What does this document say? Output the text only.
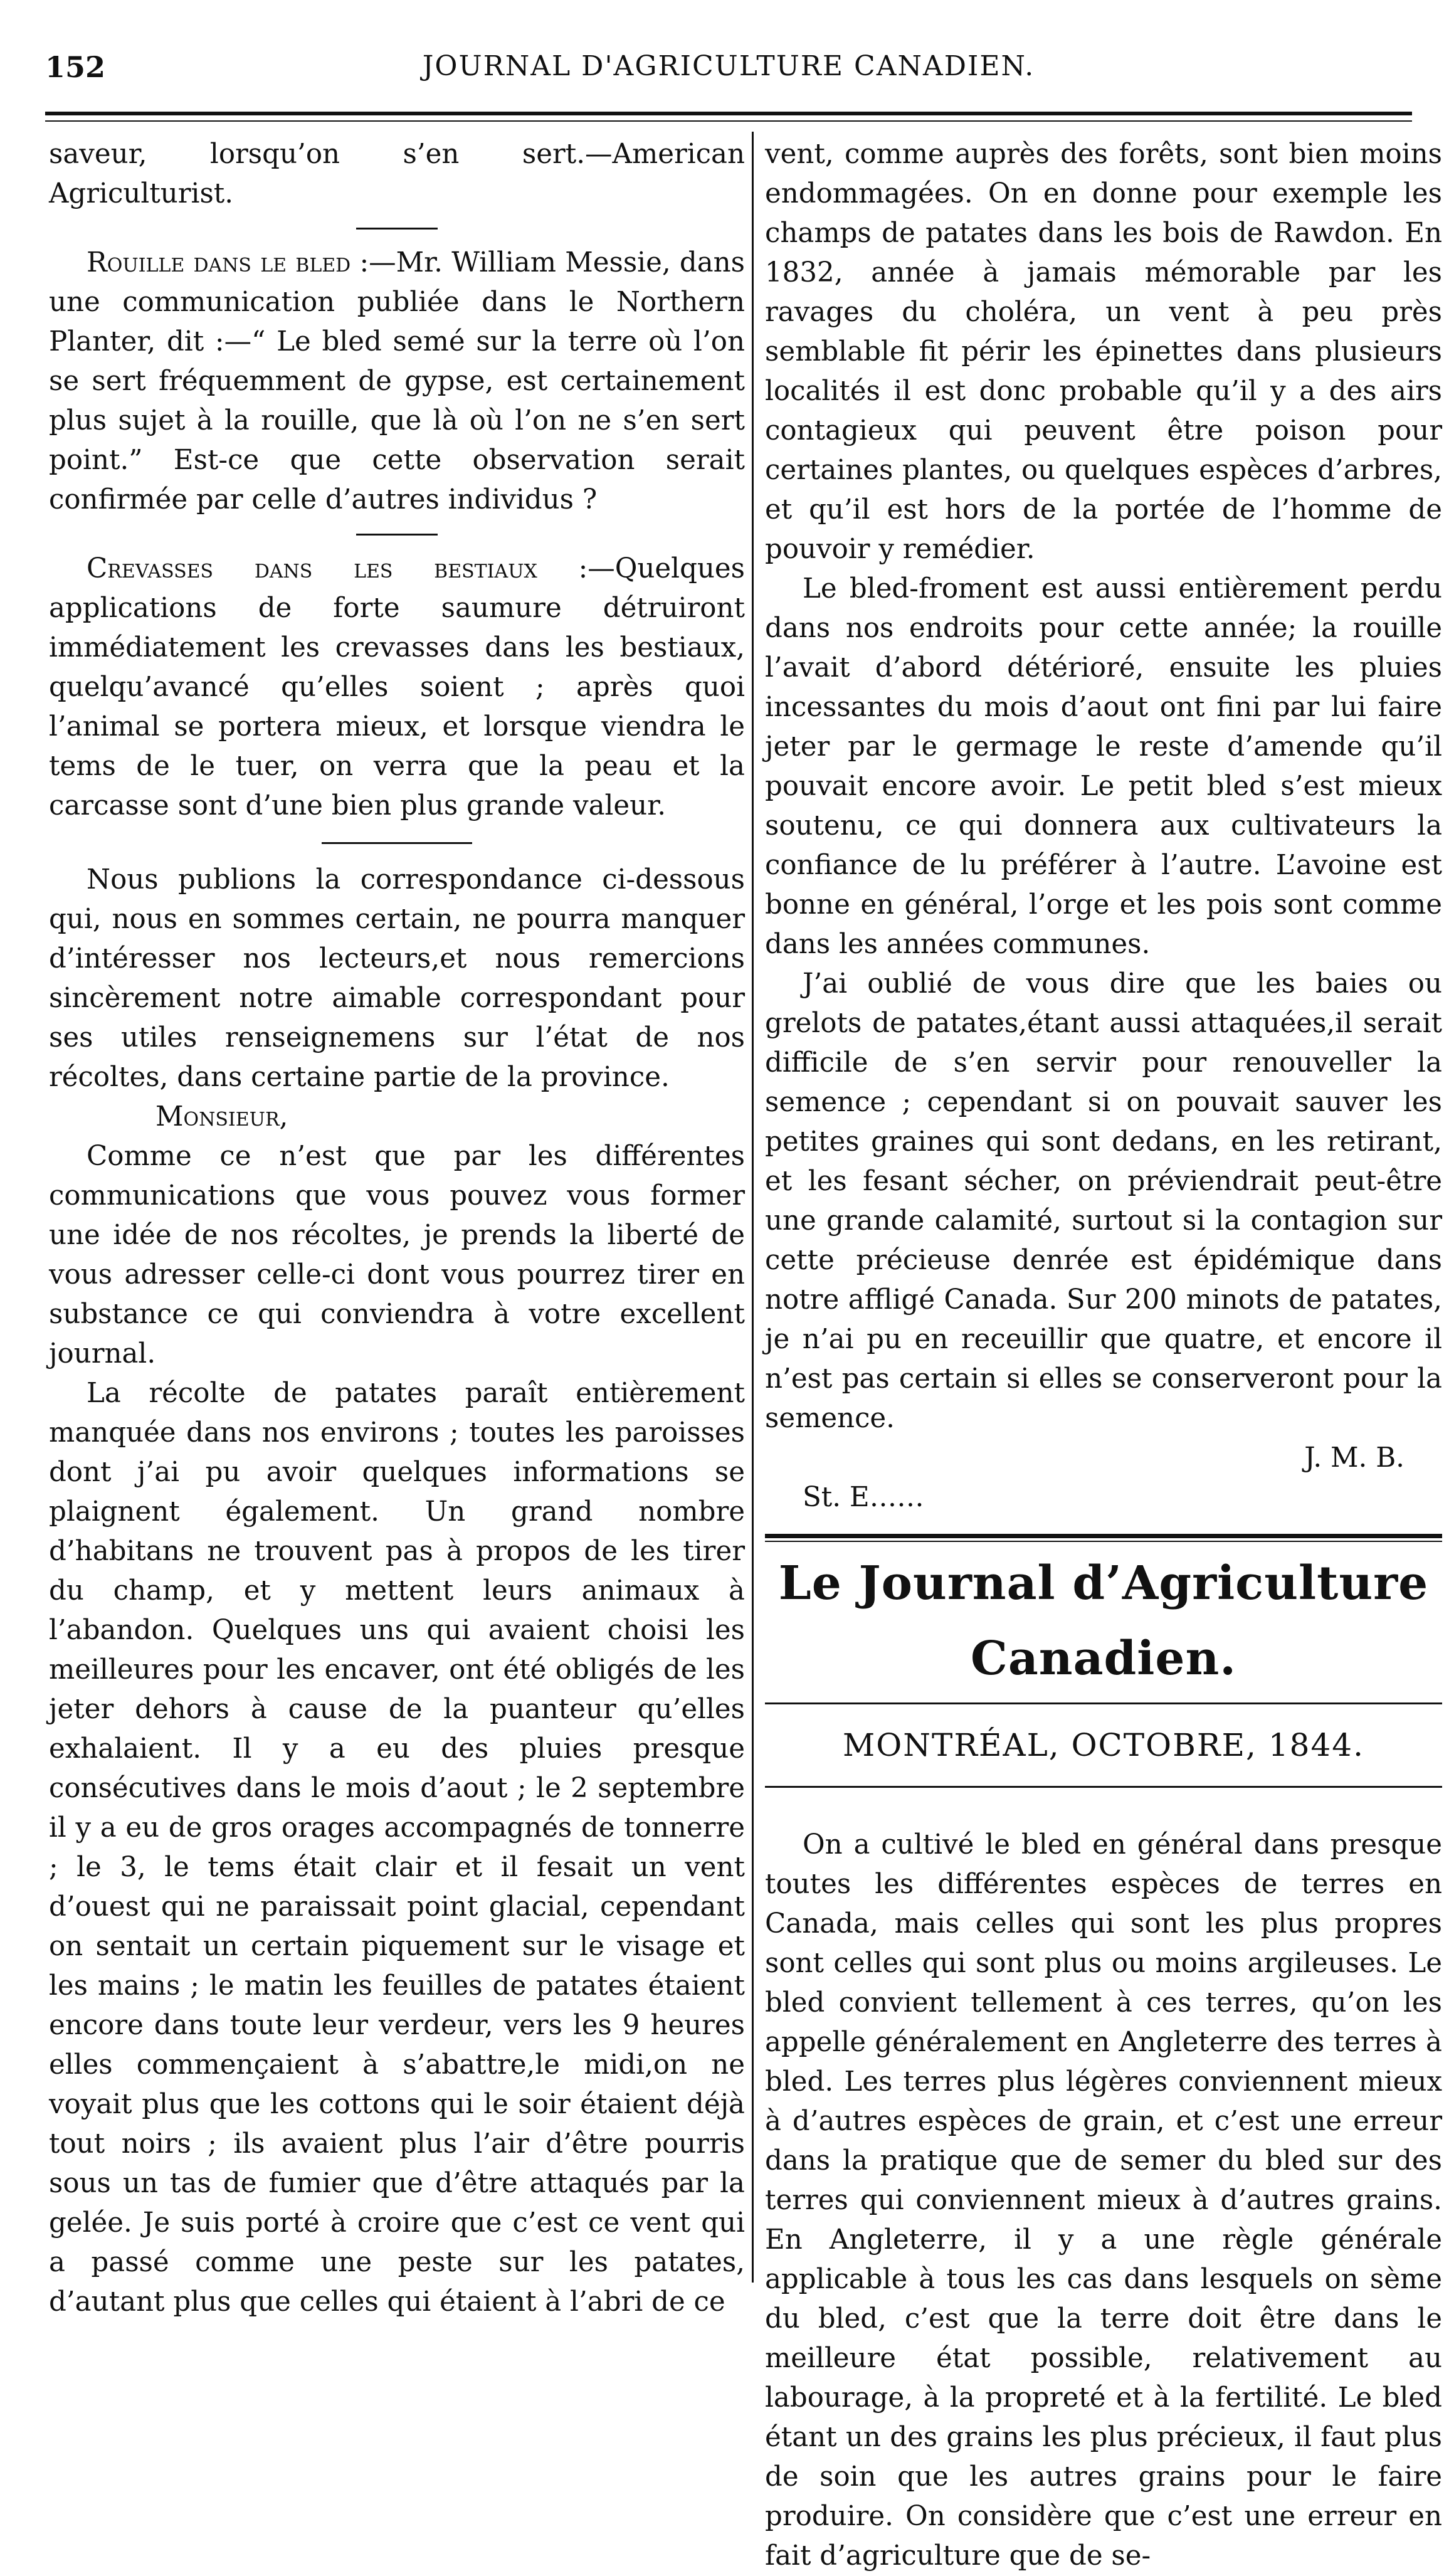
152	JOURNAL D'AGRICULTURE CANADIEN.

saveur, lorsqu’on s’en sert.—American Agriculturist.

Rouille dans le bled :—Mr. William Messie, dans une communication publiée dans le Northern Planter, dit :—“ Le bled semé sur la terre où l’on se sert fréquemment de gypse, est certainement plus sujet à la rouille, que là où l’on ne s’en sert point.” Est-ce que cette observation serait confirmée par celle d’autres individus ?

Crevasses dans les bestiaux :—Quelques applications de forte saumure détruiront immédiatement les crevasses dans les bestiaux, quelqu’avancé qu’elles soient ; après quoi l’animal se portera mieux, et lorsque viendra le tems de le tuer, on verra que la peau et la carcasse sont d’une bien plus grande valeur.

Nous publions la correspondance ci-dessous qui, nous en sommes certain, ne pourra manquer d’intéresser nos lecteurs,et nous remercions sincèrement notre aimable correspondant pour ses utiles renseignemens sur l’état de nos récoltes, dans certaine partie de la province.

Monsieur,

Comme ce n’est que par les différentes communications que vous pouvez vous former une idée de nos récoltes, je prends la liberté de vous adresser celle-ci dont vous pourrez tirer en substance ce qui conviendra à votre excellent journal.

La récolte de patates paraît entièrement manquée dans nos environs ; toutes les paroisses dont j’ai pu avoir quelques informations se plaignent également. Un grand nombre d’habitans ne trouvent pas à propos de les tirer du champ, et y mettent leurs animaux à l’abandon. Quelques uns qui avaient choisi les meilleures pour les encaver, ont été obligés de les jeter dehors à cause de la puanteur qu’elles exhalaient. Il y a eu des pluies presque consécutives dans le mois d’aout ; le 2 septembre il y a eu de gros orages accompagnés de tonnerre ; le 3, le tems était clair et il fesait un vent d’ouest qui ne paraissait point glacial, cependant on sentait un certain piquement sur le visage et les mains ; le matin les feuilles de patates étaient encore dans toute leur verdeur, vers les 9 heures elles commençaient à s’abattre,le midi,on ne voyait plus que les cottons qui le soir étaient déjà tout noirs ; ils avaient plus l’air d’être pourris sous un tas de fumier que d’être attaqués par la gelée. Je suis porté à croire que c’est ce vent qui a passé comme une peste sur les patates, d’autant plus que celles qui étaient à l’abri de ce

vent, comme auprès des forêts, sont bien moins endommagées. On en donne pour exemple les champs de patates dans les bois de Rawdon. En 1832, année à jamais mémorable par les ravages du choléra, un vent à peu près semblable fit périr les épinettes dans plusieurs localités il est donc probable qu’il y a des airs contagieux qui peuvent être poison pour certaines plantes, ou quelques espèces d’arbres, et qu’il est hors de la portée de l’homme de pouvoir y remédier.

Le bled-froment est aussi entièrement perdu dans nos endroits pour cette année; la rouille l’avait d’abord détérioré, ensuite les pluies incessantes du mois d’aout ont fini par lui faire jeter par le germage le reste d’amende qu’il pouvait encore avoir. Le petit bled s’est mieux soutenu, ce qui donnera aux cultivateurs la confiance de lu préférer à l’autre. L’avoine est bonne en général, l’orge et les pois sont comme dans les années communes.

J’ai oublié de vous dire que les baies ou grelots de patates,étant aussi attaquées,il serait difficile de s’en servir pour renouveller la semence ; cependant si on pouvait sauver les petites graines qui sont dedans, en les retirant, et les fesant sécher, on préviendrait peut-être une grande calamité, surtout si la contagion sur cette précieuse denrée est épidémique dans notre affligé Canada. Sur 200 minots de patates, je n’ai pu en receuillir que quatre, et encore il n’est pas certain si elles se conserveront pour la semence.

J. M. B.

St. E……

Le Journal d’Agriculture Canadien.
MONTRÉAL, OCTOBRE, 1844.

On a cultivé le bled en général dans presque toutes les différentes espèces de terres en Canada, mais celles qui sont les plus propres sont celles qui sont plus ou moins argileuses. Le bled convient tellement à ces terres, qu’on les appelle généralement en Angleterre des terres à bled. Les terres plus légères conviennent mieux à d’autres espèces de grain, et c’est une erreur dans la pratique que de semer du bled sur des terres qui conviennent mieux à d’autres grains. En Angleterre, il y a une règle générale applicable à tous les cas dans lesquels on sème du bled, c’est que la terre doit être dans le meilleure état possible, relativement au labourage, à la propreté et à la fertilité. Le bled étant un des grains les plus précieux, il faut plus de soin que les autres grains pour le faire produire. On considère que c’est une erreur en fait d’agriculture que de se-
